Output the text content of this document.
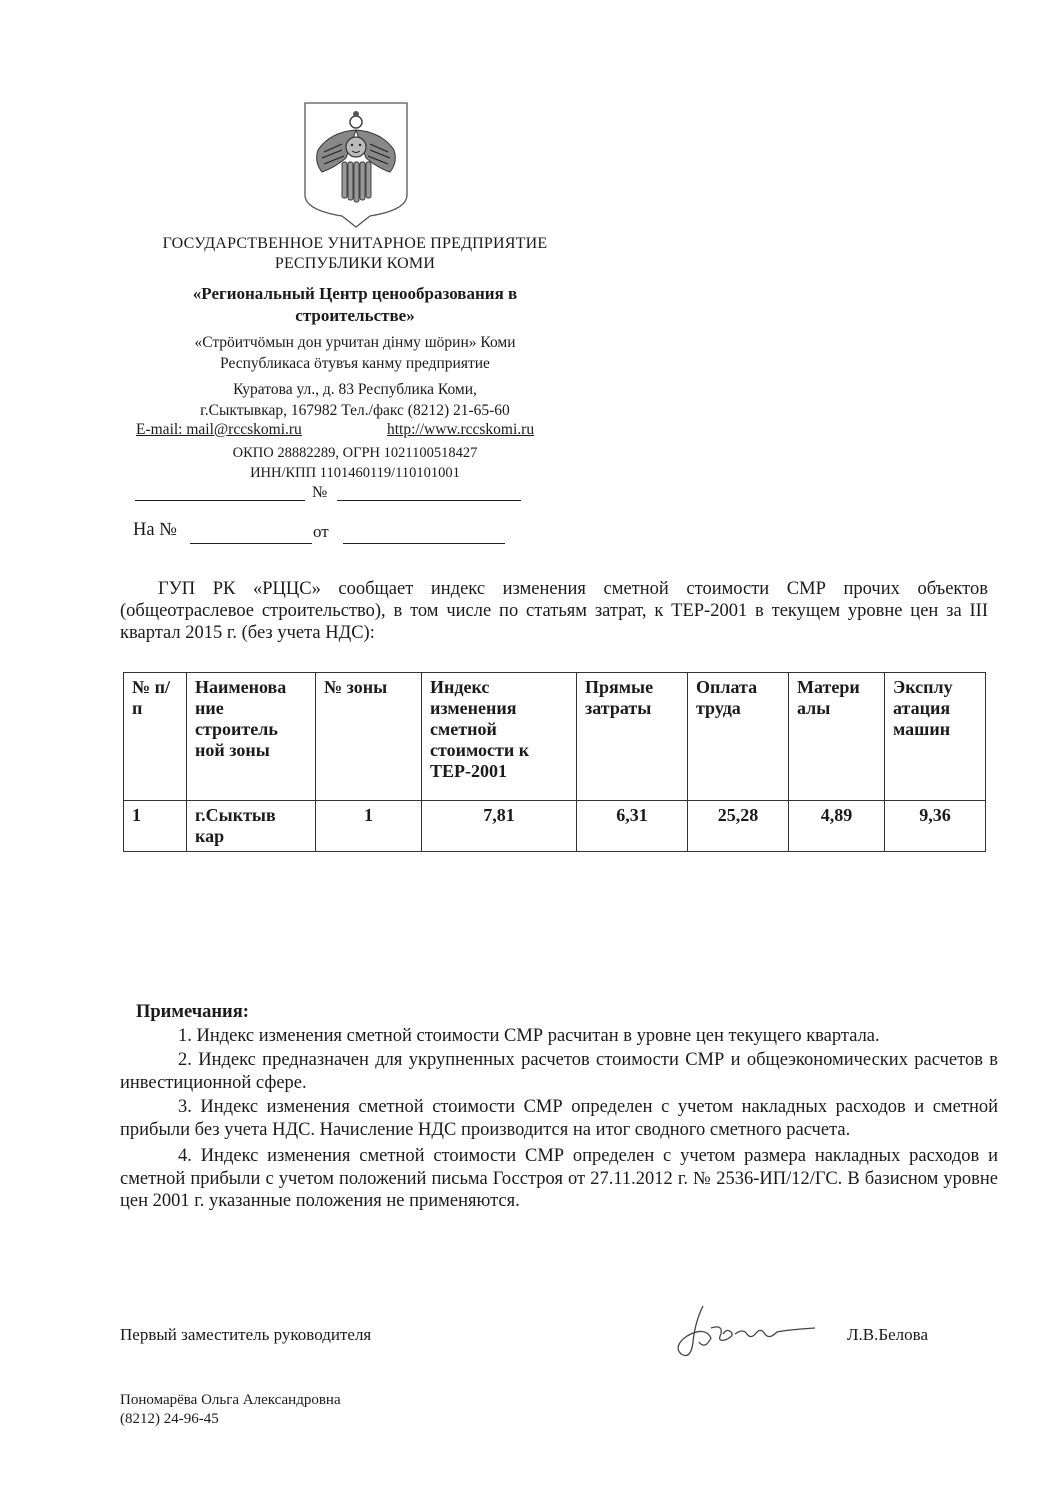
ГОСУДАРСТВЕННОЕ УНИТАРНОЕ ПРЕДПРИЯТИЕ
РЕСПУБЛИКИ КОМИ
«Региональный Центр ценообразования в
строительстве»
«Стрӧитчӧмын дон урчитан дiнму шӧрин» Коми
Республикаса ӧтувъя канму предприятие
Куратова ул., д. 83 Республика Коми,
г.Сыктывкар, 167982 Тел./факс (8212) 21-65-60
E-mail: mail@rccskomi.ru	http://www.rccskomi.ru
ОКПО 28882289, ОГРН 1021100518427
ИНН/КПП 1101460119/110101001
№
На №	от
ГУП РК «РЦЦС» сообщает индекс изменения сметной стоимости СМР прочих объектов (общеотраслевое строительство), в том числе по статьям затрат, к ТЕР-2001 в текущем уровне цен за III квартал 2015 г. (без учета НДС):
№ п/п	Наименова ние строитель ной зоны	№ зоны	Индекс изменения сметной стоимости к ТЕР-2001	Прямые затраты	Оплата труда	Матери алы	Эксплу атация машин
1	г.Сыктыв кар	1	7,81	6,31	25,28	4,89	9,36

Примечания:

1. Индекс изменения сметной стоимости СМР расчитан в уровне цен текущего квартала.

2. Индекс предназначен для укрупненных расчетов стоимости СМР и общеэкономических расчетов в инвестиционной сфере.

3. Индекс изменения сметной стоимости СМР определен с учетом накладных расходов и сметной прибыли без учета НДС. Начисление НДС производится на итог сводного сметного расчета.

4. Индекс изменения сметной стоимости СМР определен с учетом размера накладных расходов и сметной прибыли с учетом положений письма Госстроя от 27.11.2012 г. № 2536-ИП/12/ГС. В базисном уровне цен 2001 г. указанные положения не применяются.

Первый заместитель руководителя	Л.В.Белова
Пономарёва Ольга Александровна
(8212) 24-96-45
